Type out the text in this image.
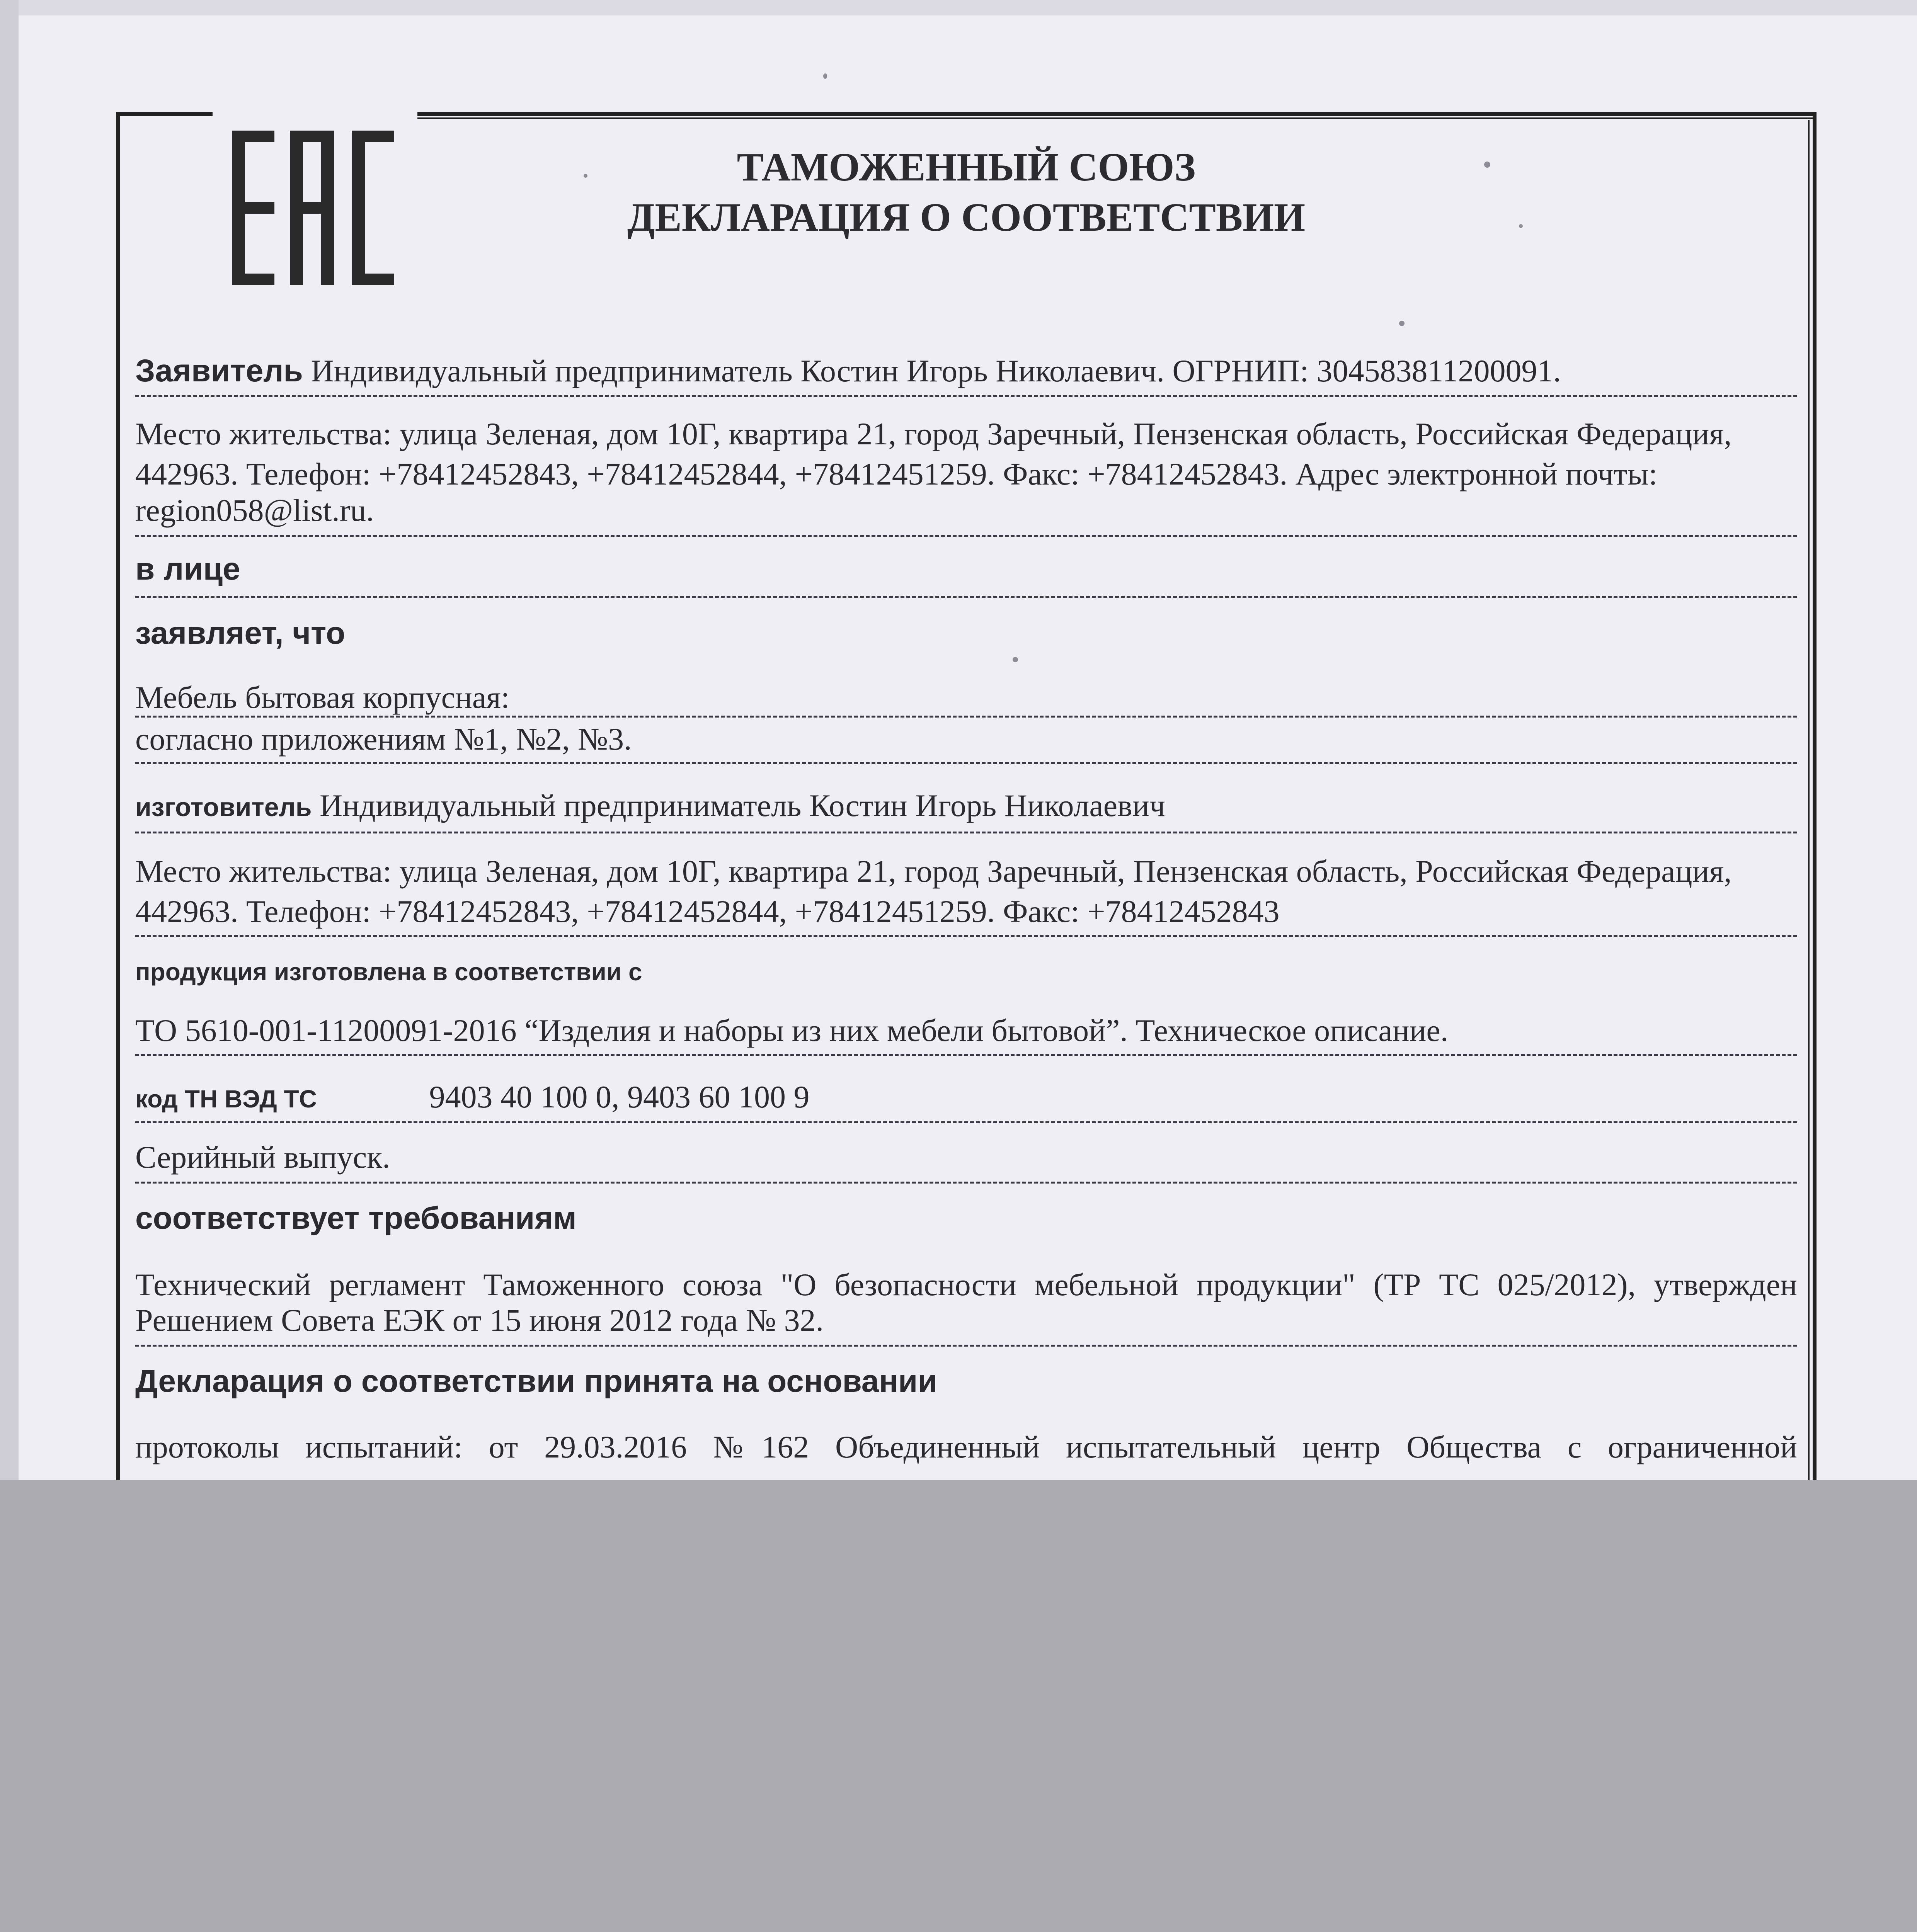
ТАМОЖЕННЫЙ СОЮЗ
ДЕКЛАРАЦИЯ О СООТВЕТСТВИИ
Заявитель Индивидуальный предприниматель Костин Игорь Николаевич. ОГРНИП: 304583811200091.
Место жительства: улица Зеленая, дом 10Г, квартира 21, город Заречный, Пензенская область, Российская Федерация,
442963. Телефон: +78412452843, +78412452844, +78412451259. Факс: +78412452843. Адрес электронной почты:
region058@list.ru.
в лице
заявляет, что
Мебель бытовая корпусная:
согласно приложениям №1, №2, №3.
изготовитель Индивидуальный предприниматель Костин Игорь Николаевич
Место жительства: улица Зеленая, дом 10Г, квартира 21, город Заречный, Пензенская область, Российская Федерация,
442963. Телефон: +78412452843, +78412452844, +78412451259. Факс: +78412452843
продукция изготовлена в соответствии с
ТО 5610-001-11200091-2016 “Изделия и наборы из них мебели бытовой”. Техническое описание.
код ТН ВЭД ТС	9403 40 100 0, 9403 60 100 9
Серийный выпуск.
соответствует требованиям
Технический регламент Таможенного союза "О безопасности мебельной продукции" (ТР ТС 025/2012), утвержден
Решением Совета ЕЭК от 15 июня 2012 года № 32.
Декларация о соответствии принята на основании
протоколы испытаний: от 29.03.2016 №162 Объединенный испытательный центр Общества с ограниченной
